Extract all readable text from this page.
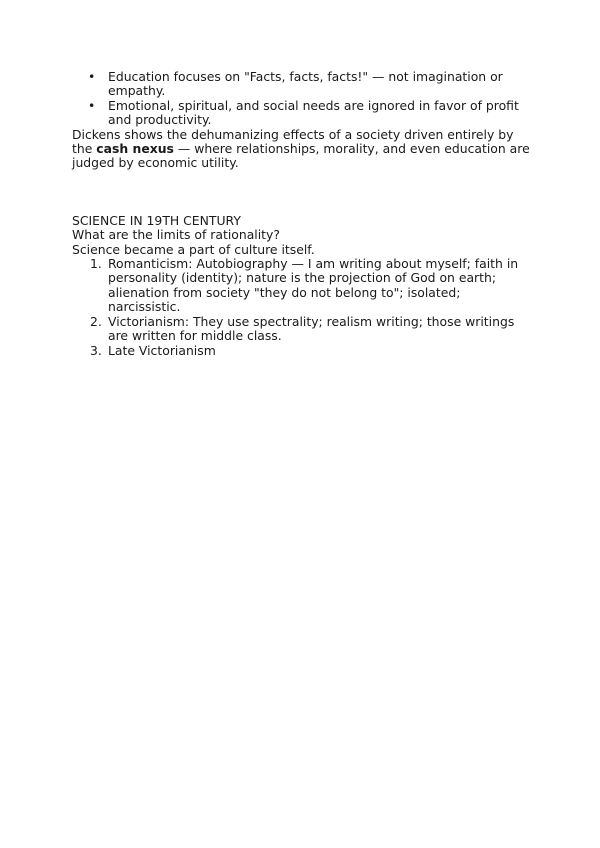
• Education focuses on "Facts, facts, facts!" — not imagination or empathy.
• Emotional, spiritual, and social needs are ignored in favor of profit and productivity.

Dickens shows the dehumanizing effects of a society driven entirely by the cash nexus — where relationships, morality, and even education are judged by economic utility.

SCIENCE IN 19TH CENTURY
What are the limits of rationality?
Science became a part of culture itself.
1. Romanticism: Autobiography — I am writing about myself; faith in personality (identity); nature is the projection of God on earth; alienation from society "they do not belong to"; isolated; narcissistic.
2. Victorianism: They use spectrality; realism writing; those writings are written for middle class.
3. Late Victorianism
